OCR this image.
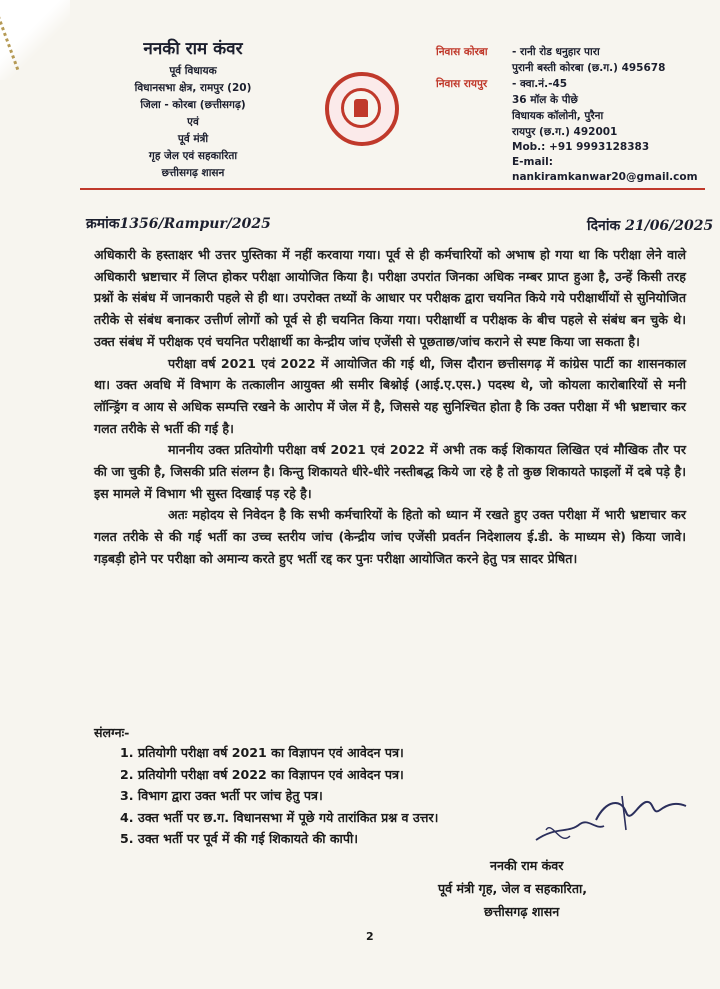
ननकी राम कंवर
पूर्व विधायक
विधानसभा क्षेत्र, रामपुर (20)
जिला - कोरबा (छत्तीसगढ़)
एवं
पूर्व मंत्री
गृह जेल एवं सहकारिता
छत्तीसगढ़ शासन
निवास कोरबा	- रानी रोड धनुहार पारा
पुरानी बस्ती कोरबा (छ.ग.) 495678
निवास रायपुर	- क्वा.नं.-45
36 मॉल के पीछे
विधायक कॉलोनी, पुरैना
रायपुर (छ.ग.) 492001
Mob.: +91 9993128383
E-mail: nankiramkanwar20@gmail.com
क्रमांक1356/Rampur/2025	दिनांक 21/06/2025

अधिकारी के हस्ताक्षर भी उत्तर पुस्तिका में नहीं करवाया गया। पूर्व से ही कर्मचारियों को अभाष हो गया था कि परीक्षा लेने वाले अधिकारी भ्रष्टाचार में लिप्त होकर परीक्षा आयोजित किया है। परीक्षा उपरांत जिनका अधिक नम्बर प्राप्त हुआ है, उन्हें किसी तरह प्रश्नों के संबंध में जानकारी पहले से ही था। उपरोक्त तथ्यों के आधार पर परीक्षक द्वारा चयनित किये गये परीक्षार्थीयों से सुनियोजित तरीके से संबंध बनाकर उत्तीर्ण लोगों को पूर्व से ही चयनित किया गया। परीक्षार्थी व परीक्षक के बीच पहले से संबंध बन चुके थे। उक्त संबंध में परीक्षक एवं चयनित परीक्षार्थी का केन्द्रीय जांच एजेंसी से पूछताछ/जांच कराने से स्पष्ट किया जा सकता है।

परीक्षा वर्ष 2021 एवं 2022 में आयोजित की गई थी, जिस दौरान छत्तीसगढ़ में कांग्रेस पार्टी का शासनकाल था। उक्त अवधि में विभाग के तत्कालीन आयुक्त श्री समीर बिश्नोई (आई.ए.एस.) पदस्थ थे, जो कोयला कारोबारियों से मनी लॉन्ड्रिंग व आय से अधिक सम्पत्ति रखने के आरोप में जेल में है, जिससे यह सुनिश्चित होता है कि उक्त परीक्षा में भी भ्रष्टाचार कर गलत तरीके से भर्ती की गई है।

माननीय उक्त प्रतियोगी परीक्षा वर्ष 2021 एवं 2022 में अभी तक कई शिकायत लिखित एवं मौखिक तौर पर की जा चुकी है, जिसकी प्रति संलग्न है। किन्तु शिकायते धीरे-धीरे नस्तीबद्ध किये जा रहे है तो कुछ शिकायते फाइलों में दबे पड़े है। इस मामले में विभाग भी सुस्त दिखाई पड़ रहे है।

अतः महोदय से निवेदन है कि सभी कर्मचारियों के हितो को ध्यान में रखते हुए उक्त परीक्षा में भारी भ्रष्टाचार कर गलत तरीके से की गई भर्ती का उच्च स्तरीय जांच (केन्द्रीय जांच एजेंसी प्रवर्तन निदेशालय ई.डी. के माध्यम से) किया जावे। गड़बड़ी होने पर परीक्षा को अमान्य करते हुए भर्ती रद्द कर पुनः परीक्षा आयोजित करने हेतु पत्र सादर प्रेषित।

संलग्नः-
1. प्रतियोगी परीक्षा वर्ष 2021 का विज्ञापन एवं आवेदन पत्र।
2. प्रतियोगी परीक्षा वर्ष 2022 का विज्ञापन एवं आवेदन पत्र।
3. विभाग द्वारा उक्त भर्ती पर जांच हेतु पत्र।
4. उक्त भर्ती पर छ.ग. विधानसभा में पूछे गये तारांकित प्रश्न व उत्तर।
5. उक्त भर्ती पर पूर्व में की गई शिकायते की कापी।
ननकी राम कंवर
पूर्व मंत्री गृह, जेल व सहकारिता,
छत्तीसगढ़ शासन
2
